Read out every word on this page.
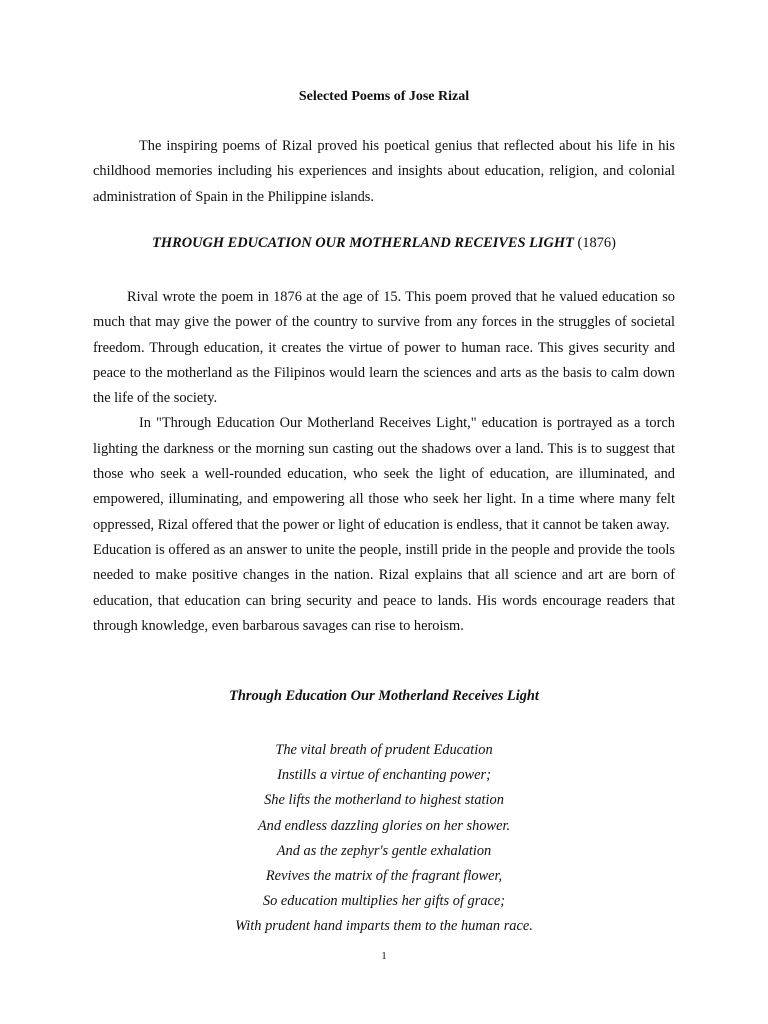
Selected Poems of Jose Rizal

The inspiring poems of Rizal proved his poetical genius that reflected about his life in his childhood memories including his experiences and insights about education, religion, and colonial administration of Spain in the Philippine islands.

THROUGH EDUCATION OUR MOTHERLAND RECEIVES LIGHT (1876)

Rival wrote the poem in 1876 at the age of 15. This poem proved that he valued education so much that may give the power of the country to survive from any forces in the struggles of societal freedom. Through education, it creates the virtue of power to human race. This gives security and peace to the motherland as the Filipinos would learn the sciences and arts as the basis to calm down the life of the society.

In "Through Education Our Motherland Receives Light," education is portrayed as a torch lighting the darkness or the morning sun casting out the shadows over a land. This is to suggest that those who seek a well-rounded education, who seek the light of education, are illuminated, and empowered, illuminating, and empowering all those who seek her light. In a time where many felt oppressed, Rizal offered that the power or light of education is endless, that it cannot be taken away.

Education is offered as an answer to unite the people, instill pride in the people and provide the tools needed to make positive changes in the nation. Rizal explains that all science and art are born of education, that education can bring security and peace to lands. His words encourage readers that through knowledge, even barbarous savages can rise to heroism.

Through Education Our Motherland Receives Light
The vital breath of prudent Education
Instills a virtue of enchanting power;
She lifts the motherland to highest station
And endless dazzling glories on her shower.
And as the zephyr's gentle exhalation
Revives the matrix of the fragrant flower,
So education multiplies her gifts of grace;
With prudent hand imparts them to the human race.
1
